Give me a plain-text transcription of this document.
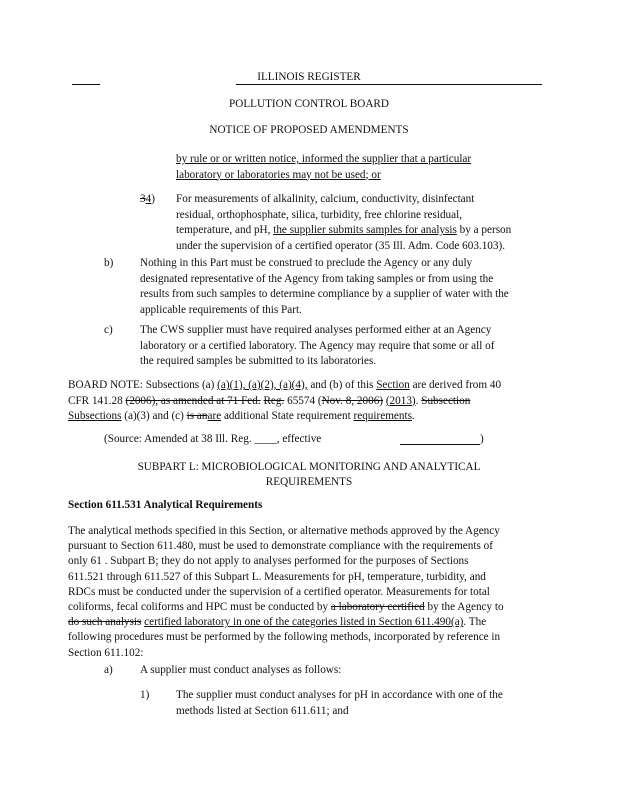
ILLINOIS REGISTER
POLLUTION CONTROL BOARD
NOTICE OF PROPOSED AMENDMENTS
by rule or or written notice, informed the supplier that a particular
laboratory or laboratories may not be used; or
34) For measurements of alkalinity, calcium, conductivity, disinfectant
residual, orthophosphate, silica, turbidity, free chlorine residual,
temperature, and pH, the supplier submits samples for analysis by a person
under the supervision of a certified operator (35 Ill. Adm. Code 603.103).
b) Nothing in this Part must be construed to preclude the Agency or any duly
designated representative of the Agency from taking samples or from using the
results from such samples to determine compliance by a supplier of water with the
applicable requirements of this Part.
c) The CWS supplier must have required analyses performed either at an Agency
laboratory or a certified laboratory. The Agency may require that some or all of
the required samples be submitted to its laboratories.
BOARD NOTE: Subsections (a) (a)(1), (a)(2), (a)(4), and (b) of this Section are derived from 40
CFR 141.28 (2006), as amended at 71 Fed. Reg. 65574 (Nov. 8, 2006) (2013). Subsection
Subsections (a)(3) and (c) is anare additional State requirement requirements.
(Source: Amended at 38 Ill. Reg. ____, effective	)
SUBPART L: MICROBIOLOGICAL MONITORING AND ANALYTICAL
REQUIREMENTS
Section 611.531 Analytical Requirements
The analytical methods specified in this Section, or alternative methods approved by the Agency
pursuant to Section 611.480, must be used to demonstrate compliance with the requirements of
only 61 . Subpart B; they do not apply to analyses performed for the purposes of Sections
611.521 through 611.527 of this Subpart L. Measurements for pH, temperature, turbidity, and
RDCs must be conducted under the supervision of a certified operator. Measurements for total
coliforms, fecal coliforms and HPC must be conducted by a laboratory certified by the Agency to
do such analysis certified laboratory in one of the categories listed in Section 611.490(a). The
following procedures must be performed by the following methods, incorporated by reference in
Section 611.102:
a) A supplier must conduct analyses as follows:
1) The supplier must conduct analyses for pH in accordance with one of the
methods listed at Section 611.611; and
